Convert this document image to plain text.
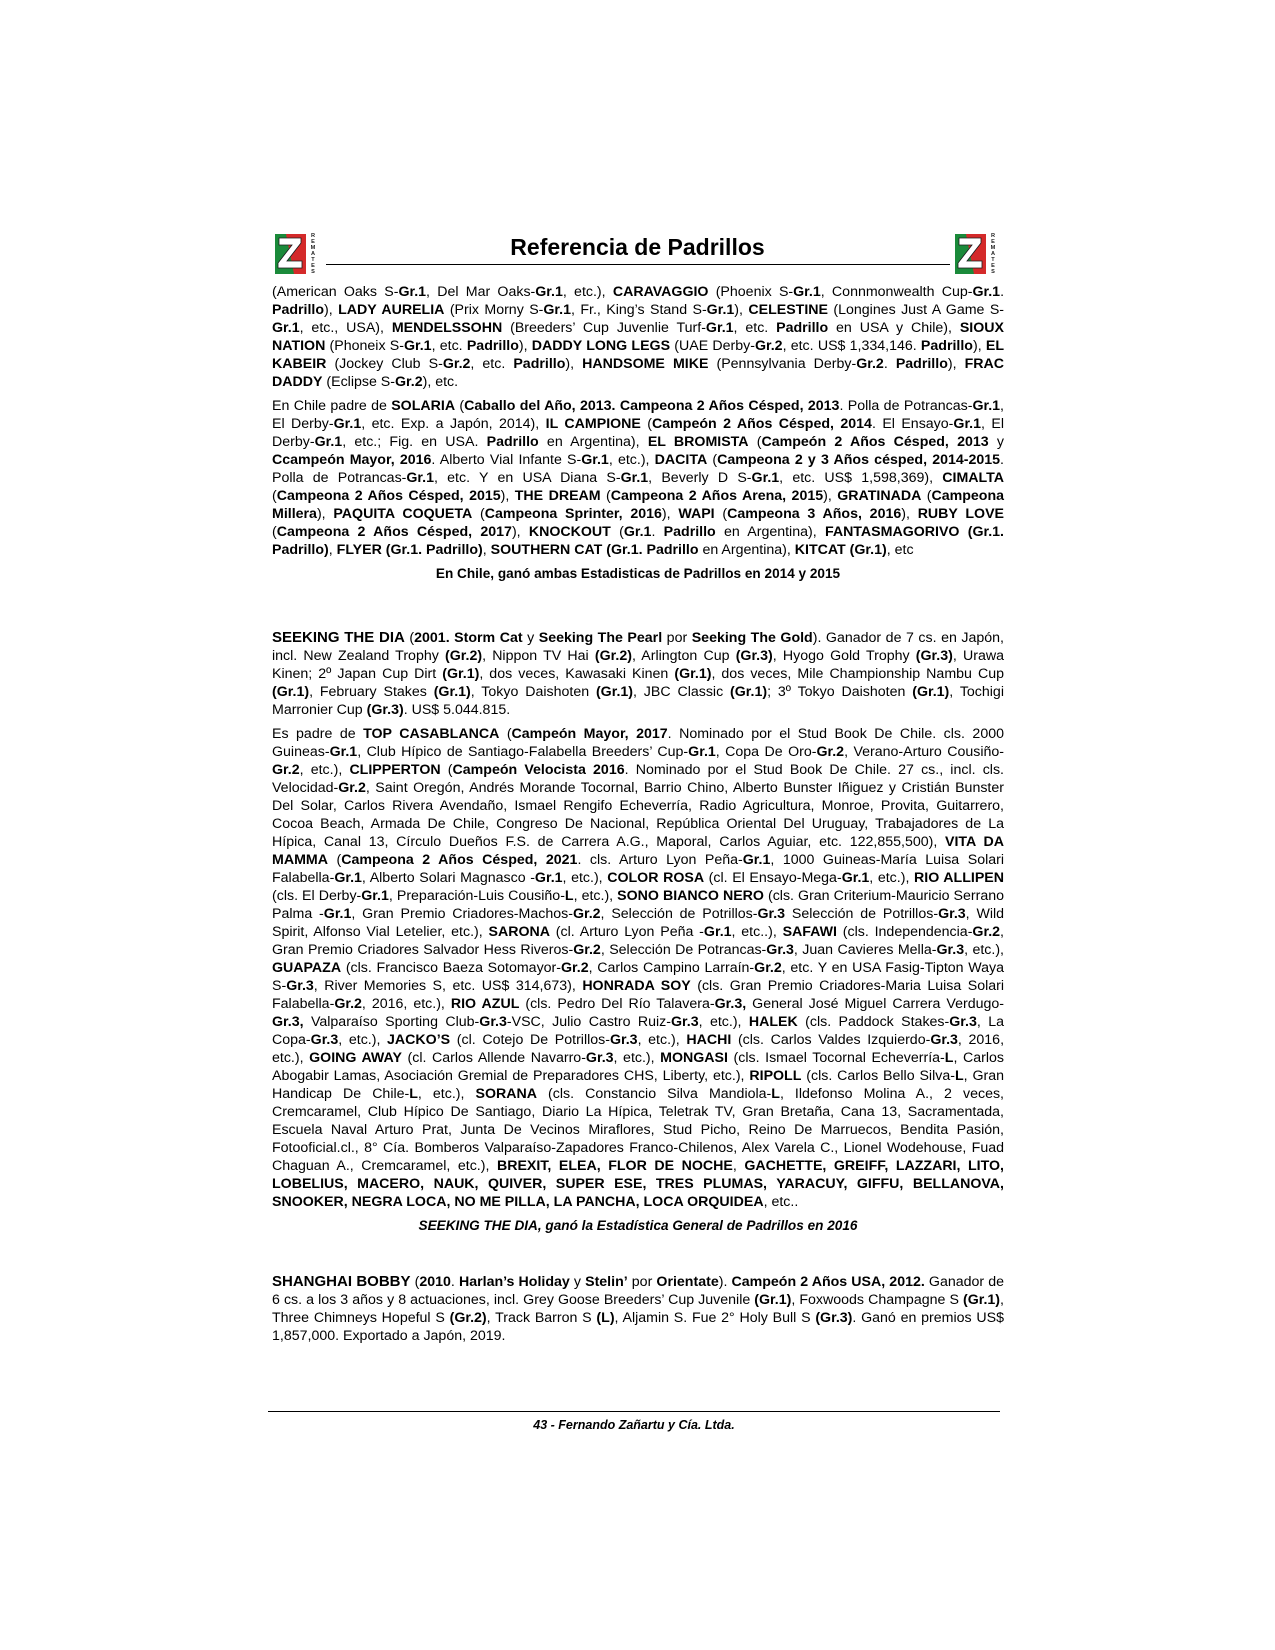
R
E
M
A
T
E
S
Referencia de Padrillos	R
E
M
A
T
E
S

(American Oaks S-Gr.1, Del Mar Oaks-Gr.1, etc.), CARAVAGGIO (Phoenix S-Gr.1, Connmonwealth Cup-Gr.1. Padrillo), LADY AURELIA (Prix Morny S-Gr.1, Fr., King’s Stand S-Gr.1), CELESTINE (Longines Just A Game S-Gr.1, etc., USA), MENDELSSOHN (Breeders’ Cup Juvenlie Turf-Gr.1, etc. Padrillo en USA y Chile), SIOUX NATION (Phoneix S-Gr.1, etc. Padrillo), DADDY LONG LEGS (UAE Derby-Gr.2, etc. US$ 1,334,146. Padrillo), EL KABEIR (Jockey Club S-Gr.2, etc. Padrillo), HANDSOME MIKE (Pennsylvania Derby-Gr.2. Padrillo), FRAC DADDY (Eclipse S-Gr.2), etc.

En Chile padre de SOLARIA (Caballo del Año, 2013. Campeona 2 Años Césped, 2013. Polla de Potrancas-Gr.1, El Derby-Gr.1, etc. Exp. a Japón, 2014), IL CAMPIONE (Campeón 2 Años Césped, 2014. El Ensayo-Gr.1, El Derby-Gr.1, etc.; Fig. en USA. Padrillo en Argentina), EL BROMISTA (Campeón 2 Años Césped, 2013 y Ccampeón Mayor, 2016. Alberto Vial Infante S-Gr.1, etc.), DACITA (Campeona 2 y 3 Años césped, 2014-2015. Polla de Potrancas-Gr.1, etc. Y en USA Diana S-Gr.1, Beverly D S-Gr.1, etc. US$ 1,598,369), CIMALTA (Campeona 2 Años Césped, 2015), THE DREAM (Campeona 2 Años Arena, 2015), GRATINADA (Campeona Millera), PAQUITA COQUETA (Campeona Sprinter, 2016), WAPI (Campeona 3 Años, 2016), RUBY LOVE (Campeona 2 Años Césped, 2017), KNOCKOUT (Gr.1. Padrillo en Argentina), FANTASMAGORIVO (Gr.1. Padrillo), FLYER (Gr.1. Padrillo), SOUTHERN CAT (Gr.1. Padrillo en Argentina), KITCAT (Gr.1), etc

En Chile, ganó ambas Estadisticas de Padrillos en 2014 y 2015

SEEKING THE DIA (2001. Storm Cat y Seeking The Pearl por Seeking The Gold). Ganador de 7 cs. en Japón, incl. New Zealand Trophy (Gr.2), Nippon TV Hai (Gr.2), Arlington Cup (Gr.3), Hyogo Gold Trophy (Gr.3), Urawa Kinen; 2º Japan Cup Dirt (Gr.1), dos veces, Kawasaki Kinen (Gr.1), dos veces, Mile Championship Nambu Cup (Gr.1), February Stakes (Gr.1), Tokyo Daishoten (Gr.1), JBC Classic (Gr.1); 3º Tokyo Daishoten (Gr.1), Tochigi Marronier Cup (Gr.3). US$ 5.044.815.

Es padre de TOP CASABLANCA (Campeón Mayor, 2017. Nominado por el Stud Book De Chile. cls. 2000 Guineas-Gr.1, Club Hípico de Santiago-Falabella Breeders’ Cup-Gr.1, Copa De Oro-Gr.2, Verano-Arturo Cousiño-Gr.2, etc.), CLIPPERTON (Campeón Velocista 2016. Nominado por el Stud Book De Chile. 27 cs., incl. cls. Velocidad-Gr.2, Saint Oregón, Andrés Morande Tocornal, Barrio Chino, Alberto Bunster Iñiguez y Cristián Bunster Del Solar, Carlos Rivera Avendaño, Ismael Rengifo Echeverría, Radio Agricultura, Monroe, Provita, Guitarrero, Cocoa Beach, Armada De Chile, Congreso De Nacional, República Oriental Del Uruguay, Trabajadores de La Hípica, Canal 13, Círculo Dueños F.S. de Carrera A.G., Maporal, Carlos Aguiar, etc. 122,855,500), VITA DA MAMMA (Campeona 2 Años Césped, 2021. cls. Arturo Lyon Peña-Gr.1, 1000 Guineas-María Luisa Solari Falabella-Gr.1, Alberto Solari Magnasco -Gr.1, etc.), COLOR ROSA (cl. El Ensayo-Mega-Gr.1, etc.), RIO ALLIPEN (cls. El Derby-Gr.1, Preparación-Luis Cousiño-L, etc.), SONO BIANCO NERO (cls. Gran Criterium-Mauricio Serrano Palma -Gr.1, Gran Premio Criadores-Machos-Gr.2, Selección de Potrillos-Gr.3 Selección de Potrillos-Gr.3, Wild Spirit, Alfonso Vial Letelier, etc.), SARONA (cl. Arturo Lyon Peña -Gr.1, etc..), SAFAWI (cls. Independencia-Gr.2, Gran Premio Criadores Salvador Hess Riveros-Gr.2, Selección De Potrancas-Gr.3, Juan Cavieres Mella-Gr.3, etc.), GUAPAZA (cls. Francisco Baeza Sotomayor-Gr.2, Carlos Campino Larraín-Gr.2, etc. Y en USA Fasig-Tipton Waya S-Gr.3, River Memories S, etc. US$ 314,673), HONRADA SOY (cls. Gran Premio Criadores-Maria Luisa Solari Falabella-Gr.2, 2016, etc.), RIO AZUL (cls. Pedro Del Río Talavera-Gr.3, General José Miguel Carrera Verdugo-Gr.3, Valparaíso Sporting Club-Gr.3-VSC, Julio Castro Ruiz-Gr.3, etc.), HALEK (cls. Paddock Stakes-Gr.3, La Copa-Gr.3, etc.), JACKO’S (cl. Cotejo De Potrillos-Gr.3, etc.), HACHI (cls. Carlos Valdes Izquierdo-Gr.3, 2016, etc.), GOING AWAY (cl. Carlos Allende Navarro-Gr.3, etc.), MONGASI (cls. Ismael Tocornal Echeverría-L, Carlos Abogabir Lamas, Asociación Gremial de Preparadores CHS, Liberty, etc.), RIPOLL (cls. Carlos Bello Silva-L, Gran Handicap De Chile-L, etc.), SORANA (cls. Constancio Silva Mandiola-L, Ildefonso Molina A., 2 veces, Cremcaramel, Club Hípico De Santiago, Diario La Hípica, Teletrak TV, Gran Bretaña, Cana 13, Sacramentada, Escuela Naval Arturo Prat, Junta De Vecinos Miraflores, Stud Picho, Reino De Marruecos, Bendita Pasión, Fotooficial.cl., 8° Cía. Bomberos Valparaíso-Zapadores Franco-Chilenos, Alex Varela C., Lionel Wodehouse, Fuad Chaguan A., Cremcaramel, etc.), BREXIT, ELEA, FLOR DE NOCHE, GACHETTE, GREIFF, LAZZARI, LITO, LOBELIUS, MACERO, NAUK, QUIVER, SUPER ESE, TRES PLUMAS, YARACUY, GIFFU, BELLANOVA, SNOOKER, NEGRA LOCA, NO ME PILLA, LA PANCHA, LOCA ORQUIDEA, etc..

SEEKING THE DIA, ganó la Estadística General de Padrillos en 2016

SHANGHAI BOBBY (2010. Harlan’s Holiday y Stelin’ por Orientate). Campeón 2 Años USA, 2012. Ganador de 6 cs. a los 3 años y 8 actuaciones, incl. Grey Goose Breeders’ Cup Juvenile (Gr.1), Foxwoods Champagne S (Gr.1), Three Chimneys Hopeful S (Gr.2), Track Barron S (L), Aljamin S. Fue 2° Holy Bull S (Gr.3). Ganó en premios US$ 1,857,000. Exportado a Japón, 2019.

43 - Fernando Zañartu y Cía. Ltda.
